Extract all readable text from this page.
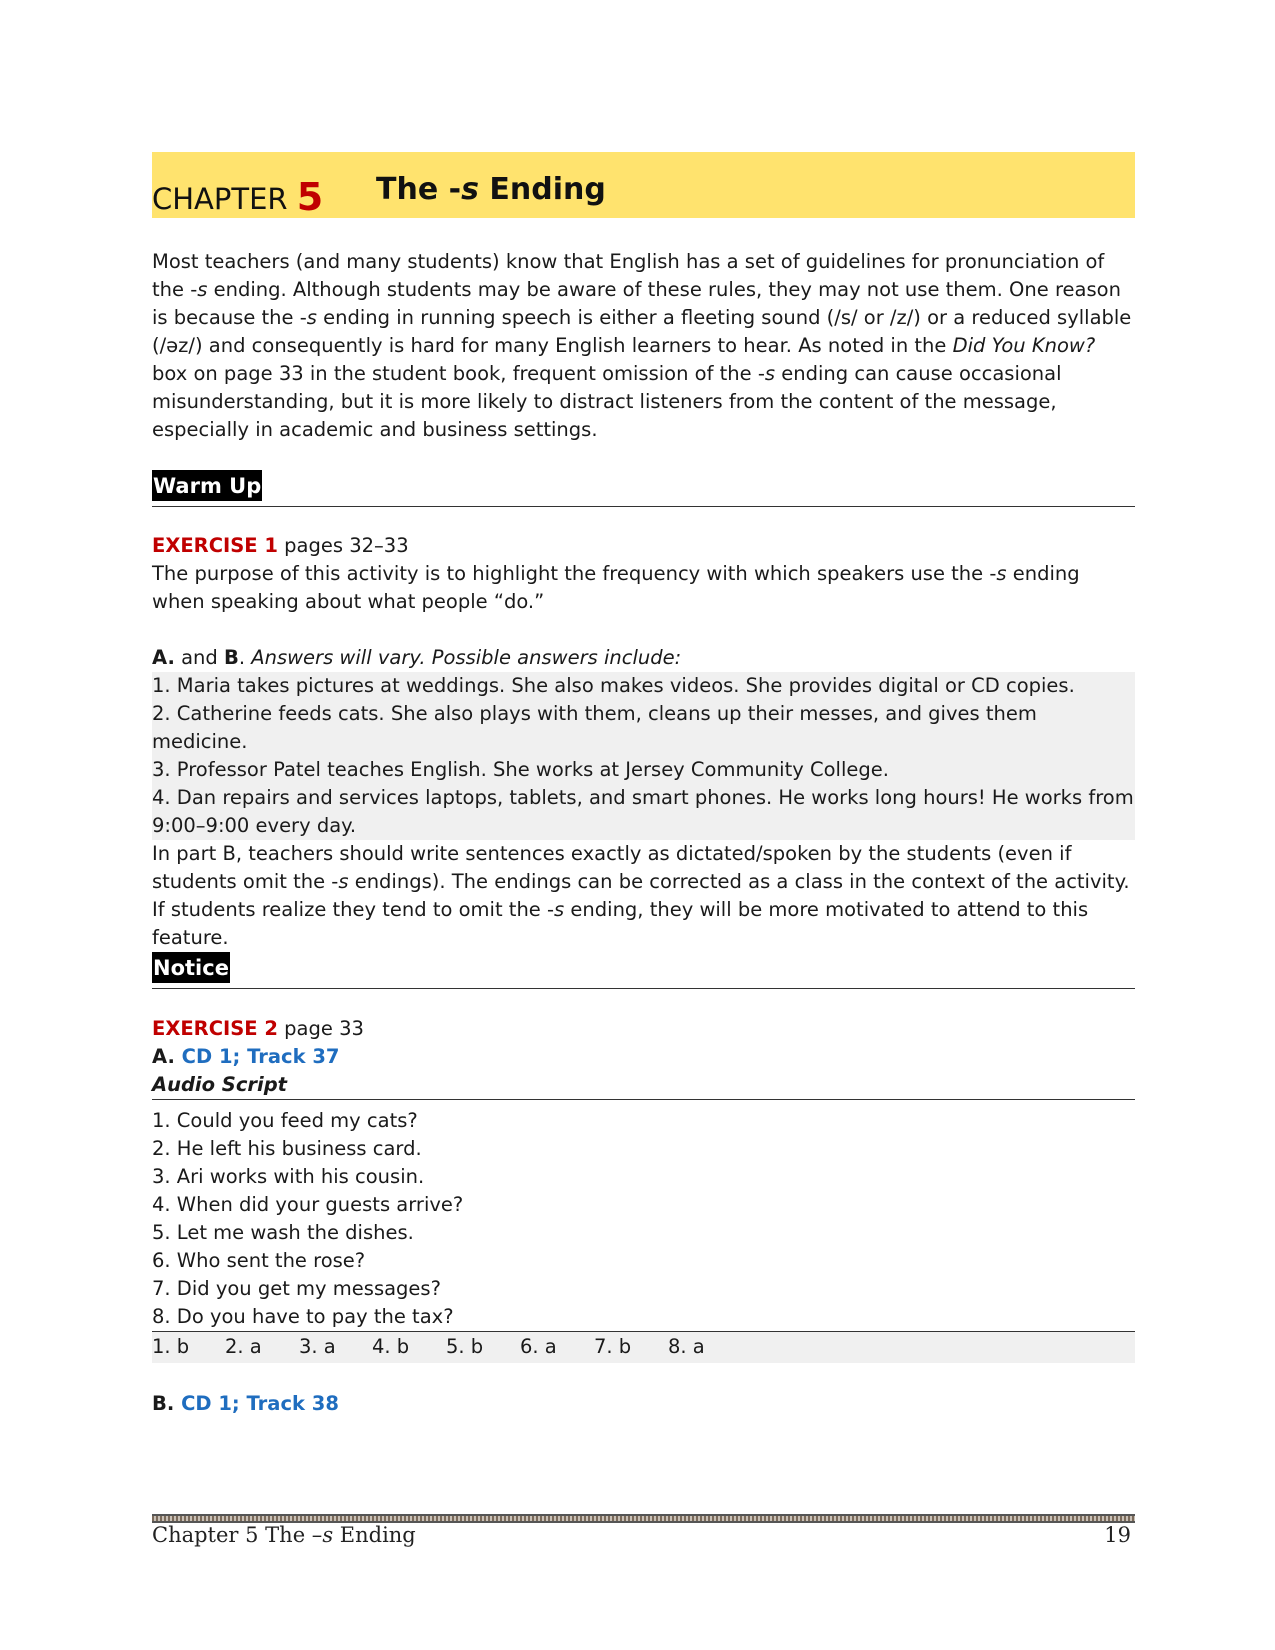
CHAPTER 5 The -s Ending
Most teachers (and many students) know that English has a set of guidelines for pronunciation of the -s ending. Although students may be aware of these rules, they may not use them. One reason is because the -s ending in running speech is either a fleeting sound (/s/ or /z/) or a reduced syllable (/əz/) and consequently is hard for many English learners to hear. As noted in the Did You Know? box on page 33 in the student book, frequent omission of the -s ending can cause occasional misunderstanding, but it is more likely to distract listeners from the content of the message, especially in academic and business settings.
Warm Up
EXERCISE 1 pages 32–33
The purpose of this activity is to highlight the frequency with which speakers use the -s ending when speaking about what people “do.”
A. and B. Answers will vary. Possible answers include:
1. Maria takes pictures at weddings. She also makes videos. She provides digital or CD copies.
2. Catherine feeds cats. She also plays with them, cleans up their messes, and gives them medicine.
3. Professor Patel teaches English. She works at Jersey Community College.
4. Dan repairs and services laptops, tablets, and smart phones. He works long hours! He works from 9:00–9:00 every day.
In part B, teachers should write sentences exactly as dictated/spoken by the students (even if students omit the -s endings). The endings can be corrected as a class in the context of the activity. If students realize they tend to omit the -s ending, they will be more motivated to attend to this feature.
Notice
EXERCISE 2 page 33
A. CD 1; Track 37
Audio Script
1. Could you feed my cats?
2. He left his business card.
3. Ari works with his cousin.
4. When did your guests arrive?
5. Let me wash the dishes.
6. Who sent the rose?
7. Did you get my messages?
8. Do you have to pay the tax?
1. b 2. a 3. a 4. b 5. b 6. a 7. b 8. a
B. CD 1; Track 38
Chapter 5 The –s Ending	19
